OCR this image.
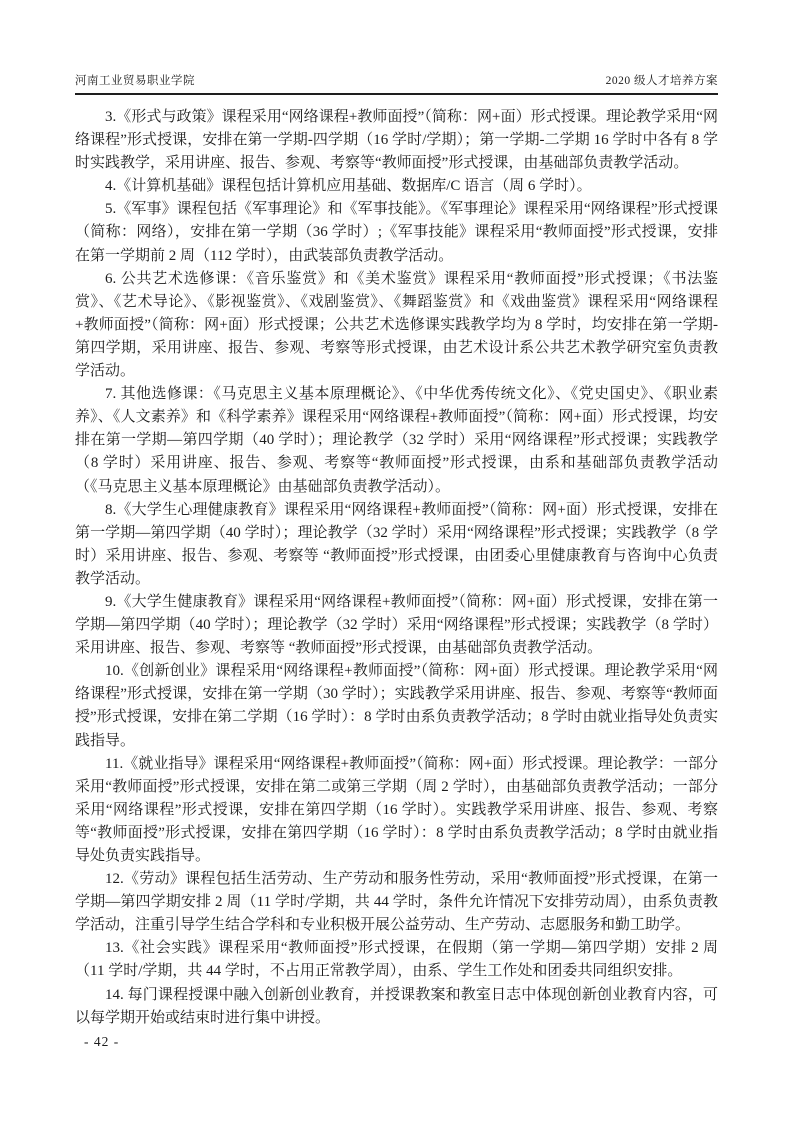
河南工业贸易职业学院	2020 级人才培养方案

3.《形式与政策》课程采用“网络课程+教师面授”（简称：网+面）形式授课。理论教学采用“网络课程”形式授课，安排在第一学期-四学期（16 学时/学期）；第一学期-二学期 16 学时中各有 8 学时实践教学，采用讲座、报告、参观、考察等“教师面授”形式授课，由基础部负责教学活动。

4.《计算机基础》课程包括计算机应用基础、数据库/C 语言（周 6 学时）。

5.《军事》课程包括《军事理论》和《军事技能》。《军事理论》课程采用“网络课程”形式授课（简称：网络），安排在第一学期（36 学时）;《军事技能》课程采用“教师面授”形式授课，安排在第一学期前 2 周（112 学时），由武装部负责教学活动。

6. 公共艺术选修课：《音乐鉴赏》和《美术鉴赏》课程采用“教师面授”形式授课；《书法鉴赏》、《艺术导论》、《影视鉴赏》、《戏剧鉴赏》、《舞蹈鉴赏》和《戏曲鉴赏》课程采用“网络课程+教师面授”（简称：网+面）形式授课；公共艺术选修课实践教学均为 8 学时，均安排在第一学期-第四学期，采用讲座、报告、参观、考察等形式授课，由艺术设计系公共艺术教学研究室负责教学活动。

7. 其他选修课：《马克思主义基本原理概论》、《中华优秀传统文化》、《党史国史》、《职业素养》、《人文素养》和《科学素养》课程采用“网络课程+教师面授”（简称：网+面）形式授课，均安排在第一学期—第四学期（40 学时）；理论教学（32 学时）采用“网络课程”形式授课；实践教学（8 学时）采用讲座、报告、参观、考察等“教师面授”形式授课，由系和基础部负责教学活动（《马克思主义基本原理概论》由基础部负责教学活动）。

8.《大学生心理健康教育》课程采用“网络课程+教师面授”（简称：网+面）形式授课，安排在第一学期—第四学期（40 学时）；理论教学（32 学时）采用“网络课程”形式授课；实践教学（8 学时）采用讲座、报告、参观、考察等 “教师面授”形式授课，由团委心里健康教育与咨询中心负责教学活动。

9.《大学生健康教育》课程采用“网络课程+教师面授”（简称：网+面）形式授课，安排在第一学期—第四学期（40 学时）；理论教学（32 学时）采用“网络课程”形式授课；实践教学（8 学时）采用讲座、报告、参观、考察等 “教师面授”形式授课，由基础部负责教学活动。

10.《创新创业》课程采用“网络课程+教师面授”（简称：网+面）形式授课。理论教学采用“网络课程”形式授课，安排在第一学期（30 学时）；实践教学采用讲座、报告、参观、考察等“教师面授”形式授课，安排在第二学期（16 学时）：8 学时由系负责教学活动；8 学时由就业指导处负责实践指导。

11.《就业指导》课程采用“网络课程+教师面授”（简称：网+面）形式授课。理论教学：一部分采用“教师面授”形式授课，安排在第二或第三学期（周 2 学时），由基础部负责教学活动；一部分采用“网络课程”形式授课，安排在第四学期（16 学时）。实践教学采用讲座、报告、参观、考察等“教师面授”形式授课，安排在第四学期（16 学时）：8 学时由系负责教学活动；8 学时由就业指导处负责实践指导。

12.《劳动》课程包括生活劳动、生产劳动和服务性劳动，采用“教师面授”形式授课，在第一学期—第四学期安排 2 周（11 学时/学期，共 44 学时，条件允许情况下安排劳动周），由系负责教学活动，注重引导学生结合学科和专业积极开展公益劳动、生产劳动、志愿服务和勤工助学。

13.《社会实践》课程采用“教师面授”形式授课，在假期（第一学期—第四学期）安排 2 周（11 学时/学期，共 44 学时，不占用正常教学周），由系、学生工作处和团委共同组织安排。

14. 每门课程授课中融入创新创业教育，并授课教案和教室日志中体现创新创业教育内容，可以每学期开始或结束时进行集中讲授。

- 42 -
